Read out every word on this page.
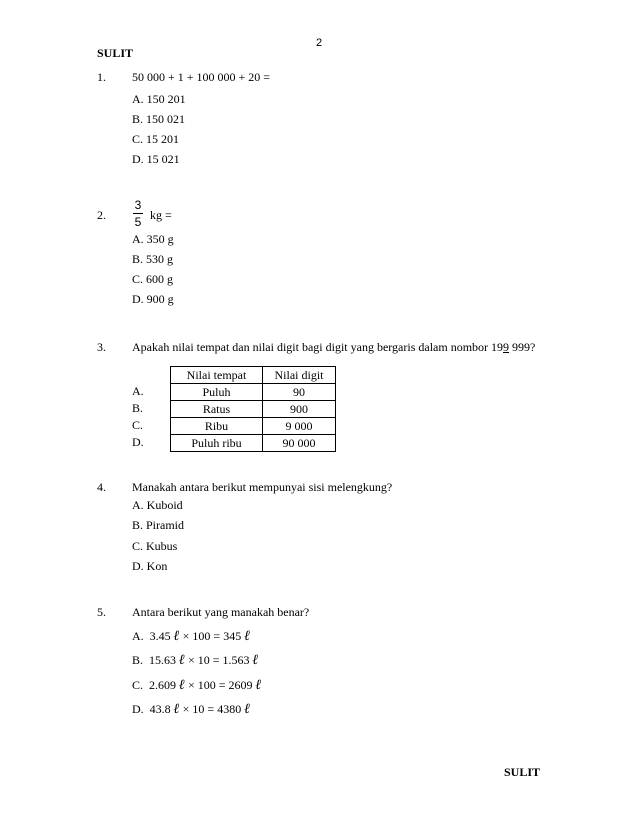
2
SULIT
1. 50 000 + 1 + 100 000 + 20 =
A. 150 201
B. 150 021
C. 15 201
D. 15 021
2.
3
5 kg =
A. 350 g
B. 530 g
C. 600 g
D. 900 g
3. Apakah nilai tempat dan nilai digit bagi digit yang bergaris dalam nombor 199 999?
A.
B.
C.
D.
Nilai tempat	Nilai digit
Puluh	90
Ratus	900
Ribu	9 000
Puluh ribu	90 000
4. Manakah antara berikut mempunyai sisi melengkung?
A. Kuboid
B. Piramid
C. Kubus
D. Kon
5. Antara berikut yang manakah benar?
A. 3.45 ℓ × 100 = 345 ℓ
B. 15.63 ℓ × 10 = 1.563 ℓ
C. 2.609 ℓ × 100 = 2609 ℓ
D. 43.8 ℓ × 10 = 4380 ℓ
SULIT
